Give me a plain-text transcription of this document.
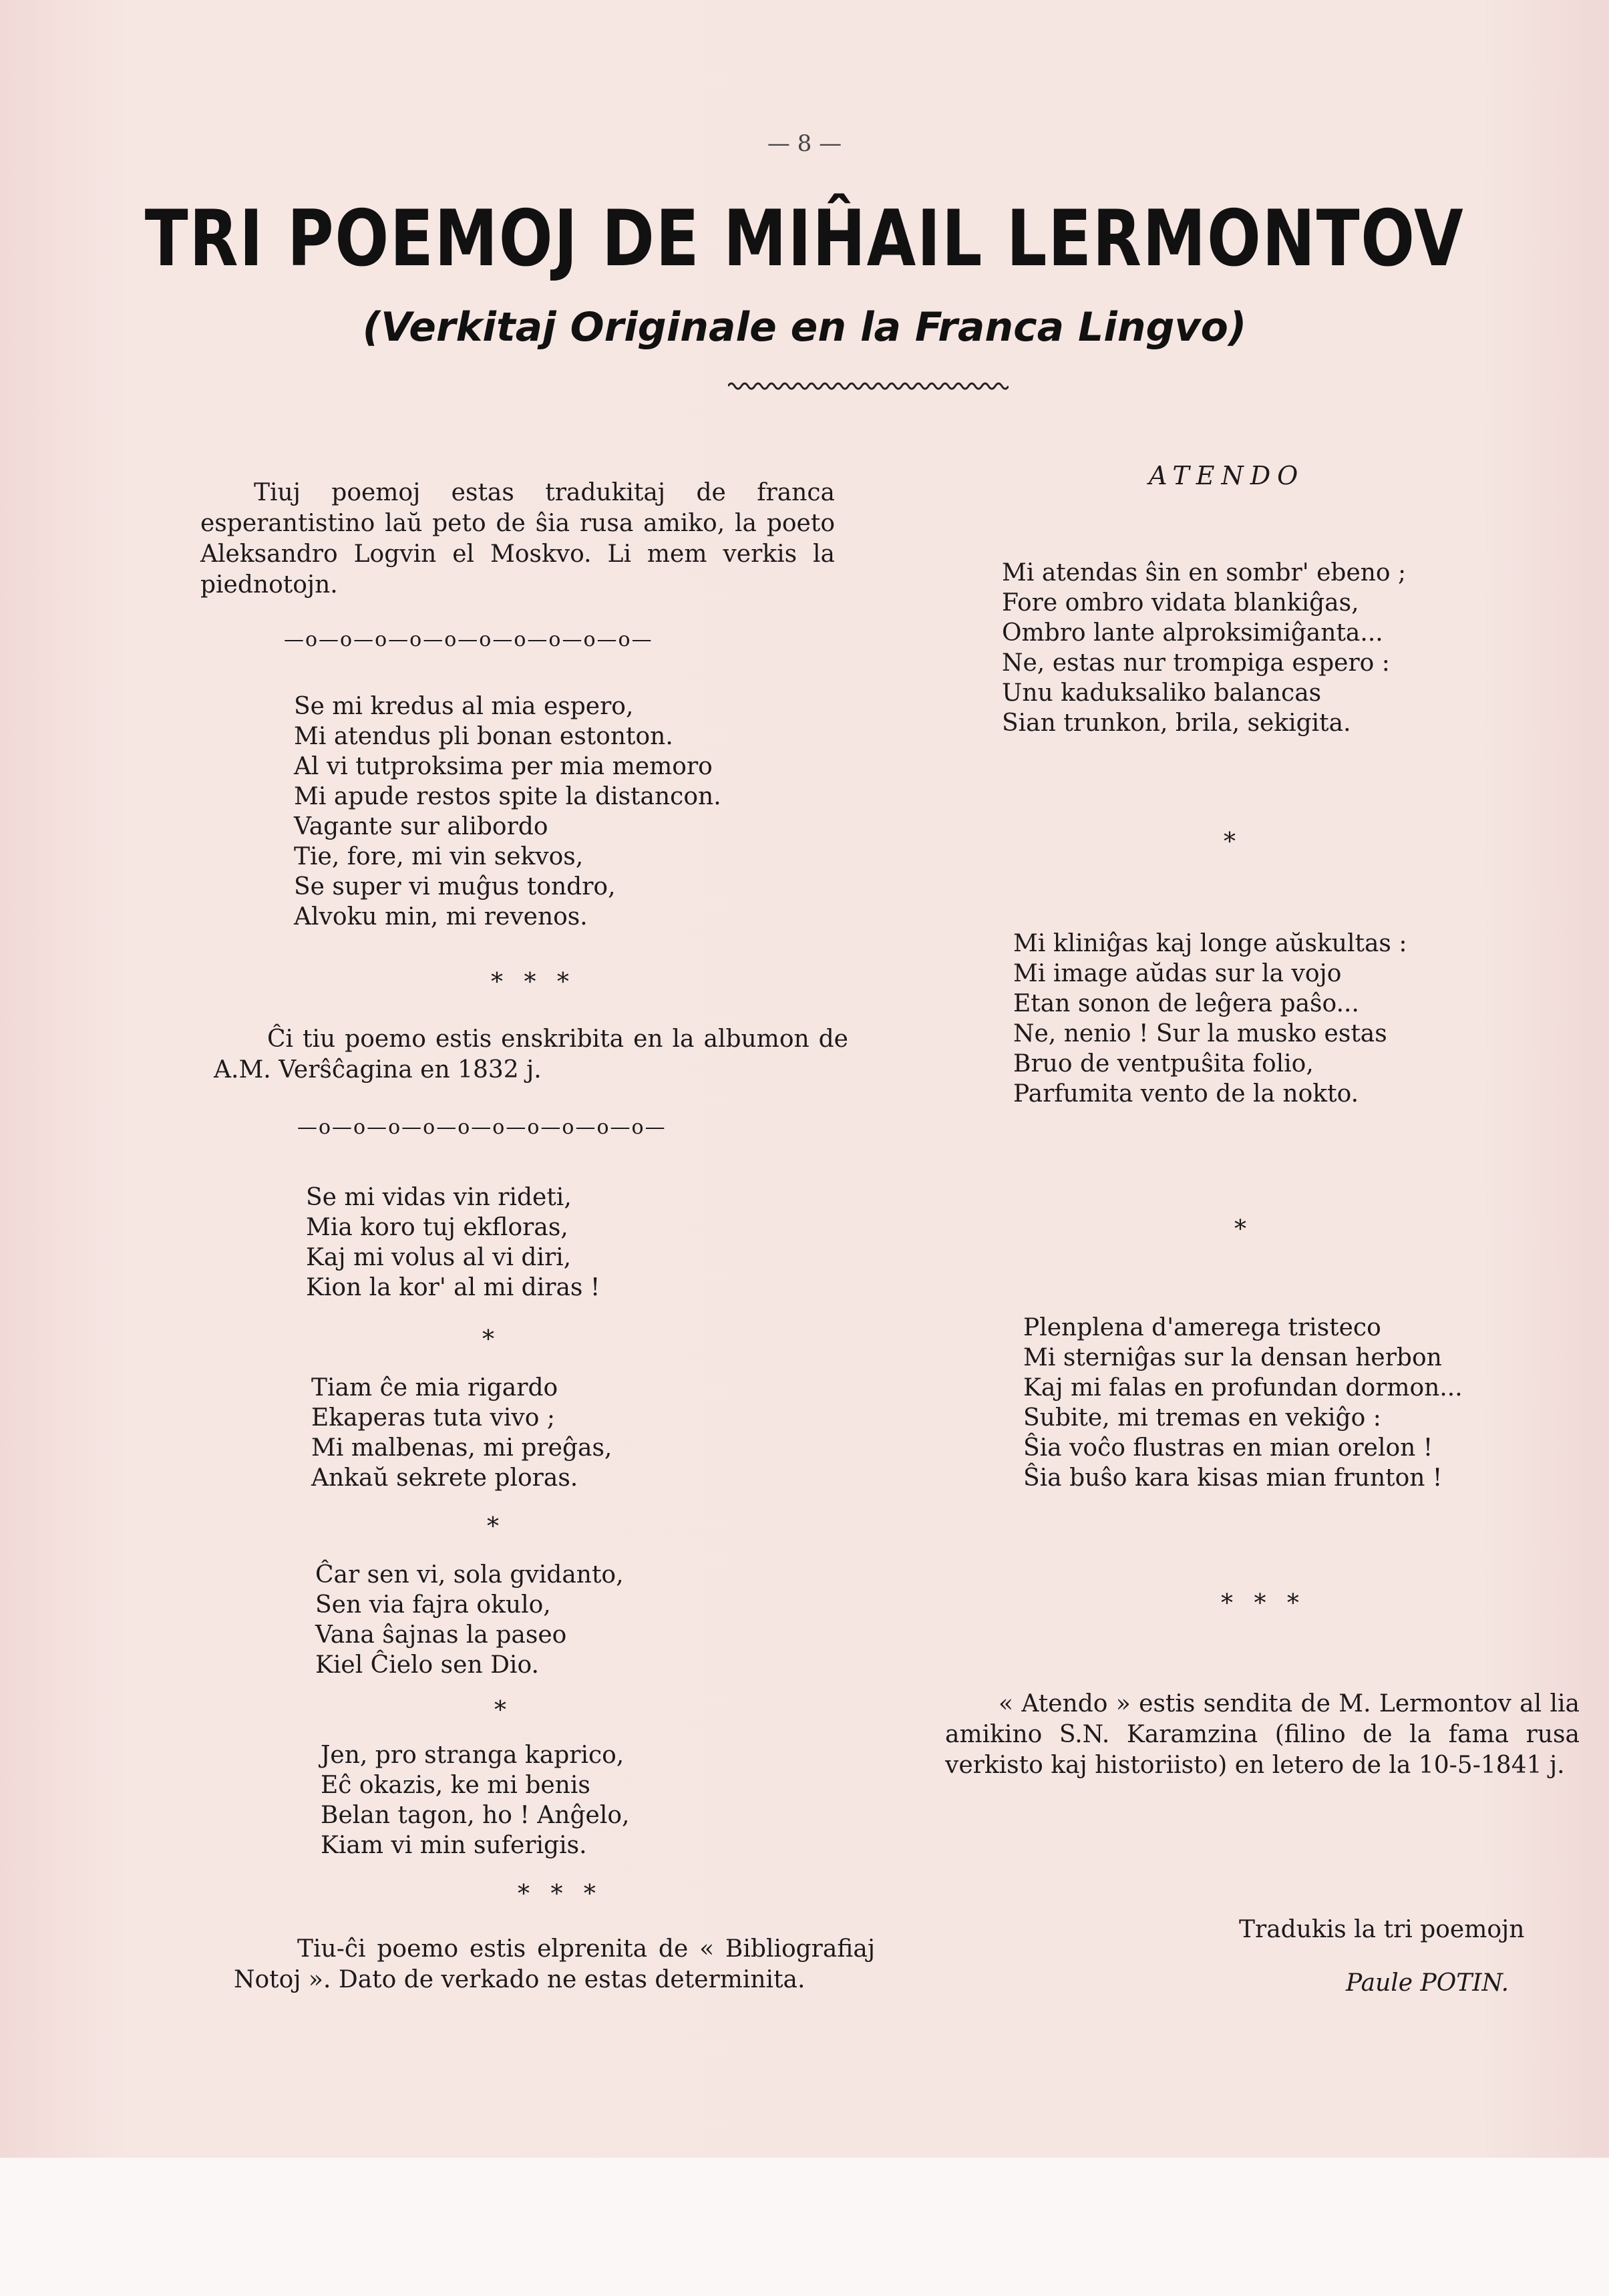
— 8 —
TRI POEMOJ DE MIĤAIL LERMONTOV
(Verkitaj Originale en la Franca Lingvo)
Tiuj poemoj estas tradukitaj de franca esperantistino laŭ peto de ŝia rusa amiko, la poeto Aleksandro Logvin el Moskvo. Li mem verkis la piednotojn.
—o—o—o—o—o—o—o—o—o—o—
Se mi kredus al mia espero,
Mi atendus pli bonan estonton.
Al vi tutproksima per mia memoro
Mi apude restos spite la distancon.
Vagante sur alibordo
Tie, fore, mi vin sekvos,
Se super vi muĝus tondro,
Alvoku min, mi revenos.
* * *
Ĉi tiu poemo estis enskribita en la albumon de A.M. Verŝĉagina en 1832 j.
—o—o—o—o—o—o—o—o—o—o—
Se mi vidas vin rideti,
Mia koro tuj ekfloras,
Kaj mi volus al vi diri,
Kion la kor' al mi diras !
*
Tiam ĉe mia rigardo
Ekaperas tuta vivo ;
Mi malbenas, mi preĝas,
Ankaŭ sekrete ploras.
*
Ĉar sen vi, sola gvidanto,
Sen via fajra okulo,
Vana ŝajnas la paseo
Kiel Ĉielo sen Dio.
*
Jen, pro stranga kaprico,
Eĉ okazis, ke mi benis
Belan tagon, ho ! Anĝelo,
Kiam vi min suferigis.
* * *
Tiu-ĉi poemo estis elprenita de « Bibliografiaj Notoj ». Dato de verkado ne estas determinita.
ATENDO
Mi atendas ŝin en sombr' ebeno ;
Fore ombro vidata blankiĝas,
Ombro lante alproksimiĝanta...
Ne, estas nur trompiga espero :
Unu kaduksaliko balancas
Sian trunkon, brila, sekigita.
*
Mi kliniĝas kaj longe aŭskultas :
Mi image aŭdas sur la vojo
Etan sonon de leĝera paŝo...
Ne, nenio ! Sur la musko estas
Bruo de ventpuŝita folio,
Parfumita vento de la nokto.
*
Plenplena d'amerega tristeco
Mi sterniĝas sur la densan herbon
Kaj mi falas en profundan dormon...
Subite, mi tremas en vekiĝo :
Ŝia voĉo flustras en mian orelon !
Ŝia buŝo kara kisas mian frunton !
* * *
« Atendo » estis sendita de M. Lermontov al lia amikino S.N. Karamzina (filino de la fama rusa verkisto kaj historiisto) en letero de la 10-5-1841 j.
Tradukis la tri poemojn
Paule POTIN.
